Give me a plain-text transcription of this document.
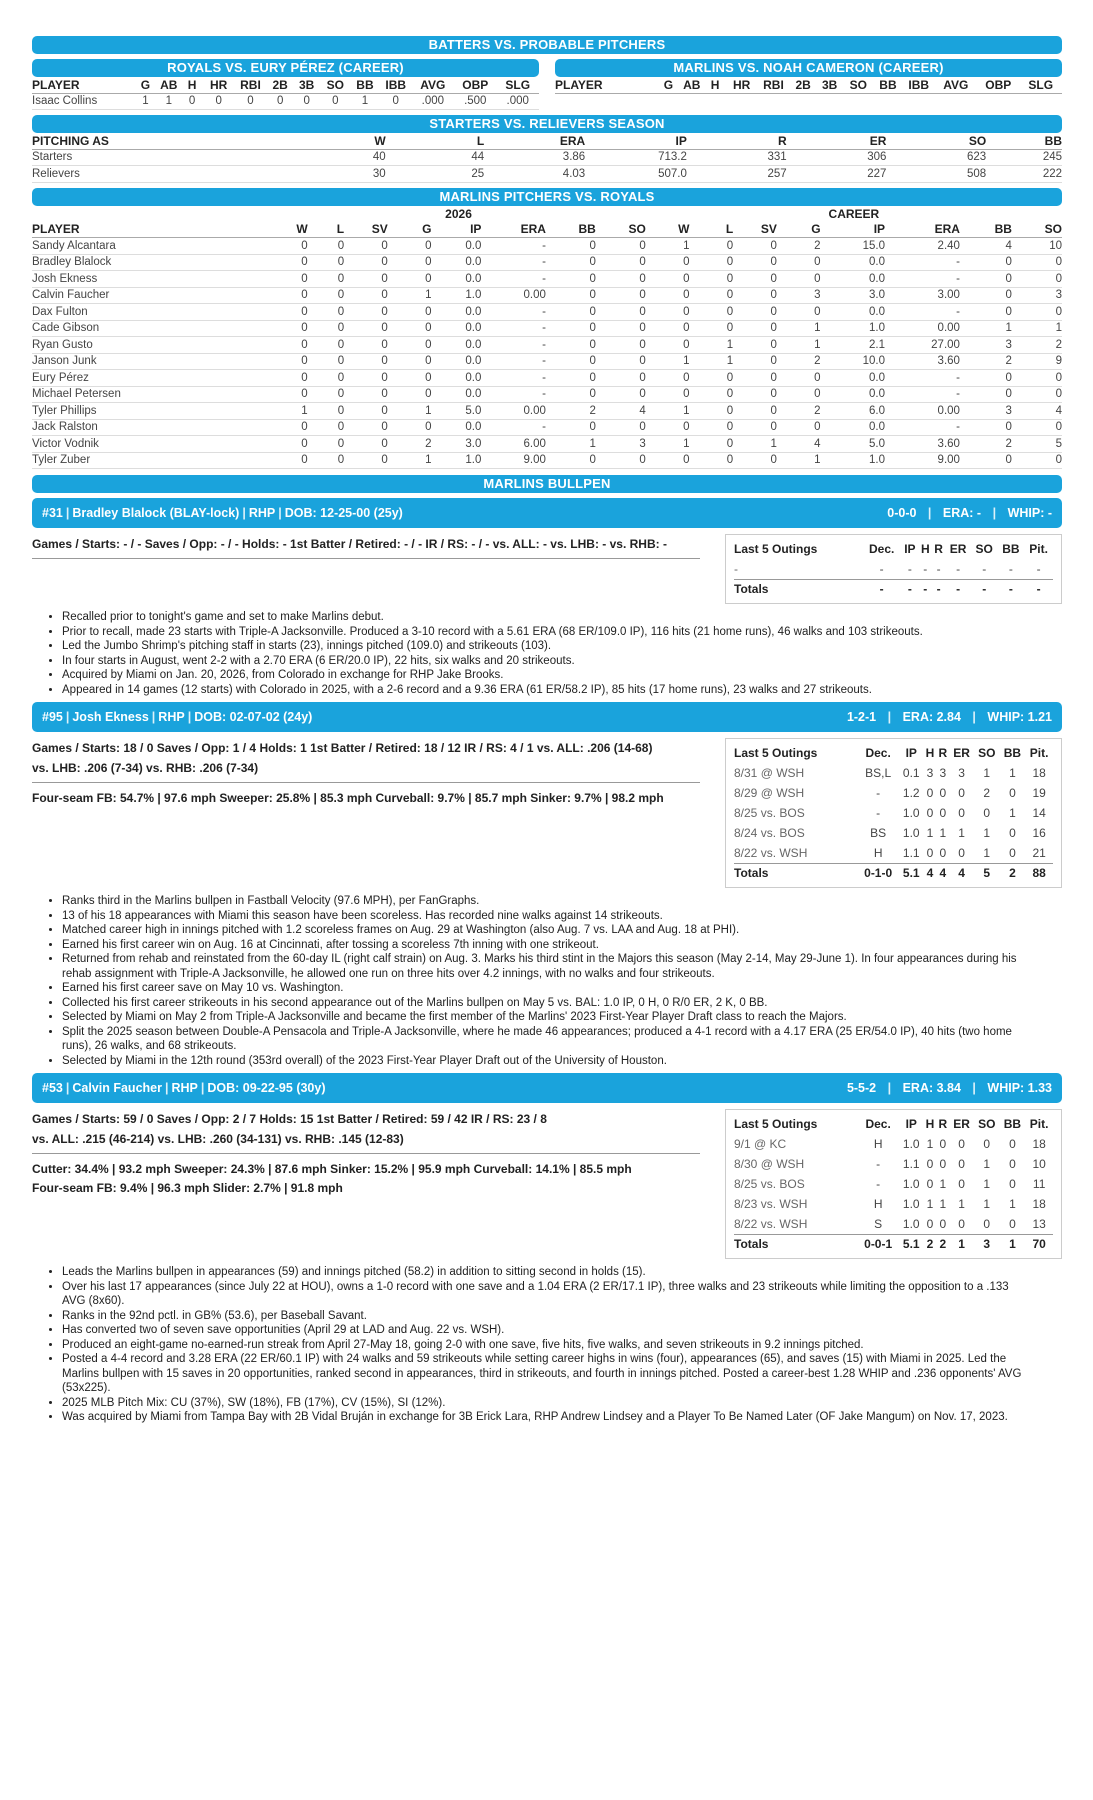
BATTERS VS. PROBABLE PITCHERS
ROYALS VS. EURY PÉREZ (CAREER)
PLAYER	G	AB	H	HR	RBI	2B	3B	SO	BB	IBB	AVG	OBP	SLG
Isaac Collins	1	1	0	0	0	0	0	0	1	0	.000	.500	.000
MARLINS VS. NOAH CAMERON (CAREER)
PLAYER	G	AB	H	HR	RBI	2B	3B	SO	BB	IBB	AVG	OBP	SLG
STARTERS VS. RELIEVERS SEASON
PITCHING AS	W	L	ERA	IP	R	ER	SO	BB
Starters	40	44	3.86	713.2	331	306	623	245
Relievers	30	25	4.03	507.0	257	227	508	222
MARLINS PITCHERS VS. ROYALS
	2026								CAREER							
PLAYER	W	L	SV	G	IP	ERA	BB	SO	W	L	SV	G	IP	ERA	BB	SO
Sandy Alcantara	0	0	0	0	0.0	-	0	0	1	0	0	2	15.0	2.40	4	10
Bradley Blalock	0	0	0	0	0.0	-	0	0	0	0	0	0	0.0	-	0	0
Josh Ekness	0	0	0	0	0.0	-	0	0	0	0	0	0	0.0	-	0	0
Calvin Faucher	0	0	0	1	1.0	0.00	0	0	0	0	0	3	3.0	3.00	0	3
Dax Fulton	0	0	0	0	0.0	-	0	0	0	0	0	0	0.0	-	0	0
Cade Gibson	0	0	0	0	0.0	-	0	0	0	0	0	1	1.0	0.00	1	1
Ryan Gusto	0	0	0	0	0.0	-	0	0	0	1	0	1	2.1	27.00	3	2
Janson Junk	0	0	0	0	0.0	-	0	0	1	1	0	2	10.0	3.60	2	9
Eury Pérez	0	0	0	0	0.0	-	0	0	0	0	0	0	0.0	-	0	0
Michael Petersen	0	0	0	0	0.0	-	0	0	0	0	0	0	0.0	-	0	0
Tyler Phillips	1	0	0	1	5.0	0.00	2	4	1	0	0	2	6.0	0.00	3	4
Jack Ralston	0	0	0	0	0.0	-	0	0	0	0	0	0	0.0	-	0	0
Victor Vodnik	0	0	0	2	3.0	6.00	1	3	1	0	1	4	5.0	3.60	2	5
Tyler Zuber	0	0	0	1	1.0	9.00	0	0	0	0	0	1	1.0	9.00	0	0
MARLINS BULLPEN
#31 | Bradley Blalock (BLAY-lock) | RHP | DOB: 12-25-00 (25y)	0-0-0 | ERA: - | WHIP: -
Games / Starts: - / - Saves / Opp: - / - Holds: - 1st Batter / Retired: - / - IR / RS: - / - vs. ALL: - vs. LHB: - vs. RHB: -	Last 5 Outings	Dec.	IP	H	R	ER	SO	BB	Pit.
-	-	-	-	-	-	-	-	-
Totals	-	-	-	-	-	-	-	-
• Recalled prior to tonight's game and set to make Marlins debut.
• Prior to recall, made 23 starts with Triple-A Jacksonville. Produced a 3-10 record with a 5.61 ERA (68 ER/109.0 IP), 116 hits (21 home runs), 46 walks and 103 strikeouts.
• Led the Jumbo Shrimp's pitching staff in starts (23), innings pitched (109.0) and strikeouts (103).
• In four starts in August, went 2-2 with a 2.70 ERA (6 ER/20.0 IP), 22 hits, six walks and 20 strikeouts.
• Acquired by Miami on Jan. 20, 2026, from Colorado in exchange for RHP Jake Brooks.
• Appeared in 14 games (12 starts) with Colorado in 2025, with a 2-6 record and a 9.36 ERA (61 ER/58.2 IP), 85 hits (17 home runs), 23 walks and 27 strikeouts.
#95 | Josh Ekness | RHP | DOB: 02-07-02 (24y)	1-2-1 | ERA: 2.84 | WHIP: 1.21
Games / Starts: 18 / 0 Saves / Opp: 1 / 4 Holds: 1 1st Batter / Retired: 18 / 12 IR / RS: 4 / 1 vs. ALL: .206 (14-68)
vs. LHB: .206 (7-34) vs. RHB: .206 (7-34)
Four-seam FB: 54.7% | 97.6 mph Sweeper: 25.8% | 85.3 mph Curveball: 9.7% | 85.7 mph Sinker: 9.7% | 98.2 mph
Last 5 Outings	Dec.	IP	H	R	ER	SO	BB	Pit.
8/31 @ WSH	BS,L	0.1	3	3	3	1	1	18
8/29 @ WSH	-	1.2	0	0	0	2	0	19
8/25 vs. BOS	-	1.0	0	0	0	0	1	14
8/24 vs. BOS	BS	1.0	1	1	1	1	0	16
8/22 vs. WSH	H	1.1	0	0	0	1	0	21
Totals	0-1-0	5.1	4	4	4	5	2	88
• Ranks third in the Marlins bullpen in Fastball Velocity (97.6 MPH), per FanGraphs.
• 13 of his 18 appearances with Miami this season have been scoreless. Has recorded nine walks against 14 strikeouts.
• Matched career high in innings pitched with 1.2 scoreless frames on Aug. 29 at Washington (also Aug. 7 vs. LAA and Aug. 18 at PHI).
• Earned his first career win on Aug. 16 at Cincinnati, after tossing a scoreless 7th inning with one strikeout.
• Returned from rehab and reinstated from the 60-day IL (right calf strain) on Aug. 3. Marks his third stint in the Majors this season (May 2-14, May 29-June 1). In four appearances during his rehab assignment with Triple-A Jacksonville, he allowed one run on three hits over 4.2 innings, with no walks and four strikeouts.
• Earned his first career save on May 10 vs. Washington.
• Collected his first career strikeouts in his second appearance out of the Marlins bullpen on May 5 vs. BAL: 1.0 IP, 0 H, 0 R/0 ER, 2 K, 0 BB.
• Selected by Miami on May 2 from Triple-A Jacksonville and became the first member of the Marlins' 2023 First-Year Player Draft class to reach the Majors.
• Split the 2025 season between Double-A Pensacola and Triple-A Jacksonville, where he made 46 appearances; produced a 4-1 record with a 4.17 ERA (25 ER/54.0 IP), 40 hits (two home runs), 26 walks, and 68 strikeouts.
• Selected by Miami in the 12th round (353rd overall) of the 2023 First-Year Player Draft out of the University of Houston.
#53 | Calvin Faucher | RHP | DOB: 09-22-95 (30y)	5-5-2 | ERA: 3.84 | WHIP: 1.33
Games / Starts: 59 / 0 Saves / Opp: 2 / 7 Holds: 15 1st Batter / Retired: 59 / 42 IR / RS: 23 / 8
vs. ALL: .215 (46-214) vs. LHB: .260 (34-131) vs. RHB: .145 (12-83)
Cutter: 34.4% | 93.2 mph Sweeper: 24.3% | 87.6 mph Sinker: 15.2% | 95.9 mph Curveball: 14.1% | 85.5 mph
Four-seam FB: 9.4% | 96.3 mph Slider: 2.7% | 91.8 mph
Last 5 Outings	Dec.	IP	H	R	ER	SO	BB	Pit.
9/1 @ KC	H	1.0	1	0	0	0	0	18
8/30 @ WSH	-	1.1	0	0	0	1	0	10
8/25 vs. BOS	-	1.0	0	1	0	1	0	11
8/23 vs. WSH	H	1.0	1	1	1	1	1	18
8/22 vs. WSH	S	1.0	0	0	0	0	0	13
Totals	0-0-1	5.1	2	2	1	3	1	70
• Leads the Marlins bullpen in appearances (59) and innings pitched (58.2) in addition to sitting second in holds (15).
• Over his last 17 appearances (since July 22 at HOU), owns a 1-0 record with one save and a 1.04 ERA (2 ER/17.1 IP), three walks and 23 strikeouts while limiting the opposition to a .133 AVG (8x60).
• Ranks in the 92nd pctl. in GB% (53.6), per Baseball Savant.
• Has converted two of seven save opportunities (April 29 at LAD and Aug. 22 vs. WSH).
• Produced an eight-game no-earned-run streak from April 27-May 18, going 2-0 with one save, five hits, five walks, and seven strikeouts in 9.2 innings pitched.
• Posted a 4-4 record and 3.28 ERA (22 ER/60.1 IP) with 24 walks and 59 strikeouts while setting career highs in wins (four), appearances (65), and saves (15) with Miami in 2025. Led the Marlins bullpen with 15 saves in 20 opportunities, ranked second in appearances, third in strikeouts, and fourth in innings pitched. Posted a career-best 1.28 WHIP and .236 opponents' AVG (53x225).
• 2025 MLB Pitch Mix: CU (37%), SW (18%), FB (17%), CV (15%), SI (12%).
• Was acquired by Miami from Tampa Bay with 2B Vidal Bruján in exchange for 3B Erick Lara, RHP Andrew Lindsey and a Player To Be Named Later (OF Jake Mangum) on Nov. 17, 2023.
